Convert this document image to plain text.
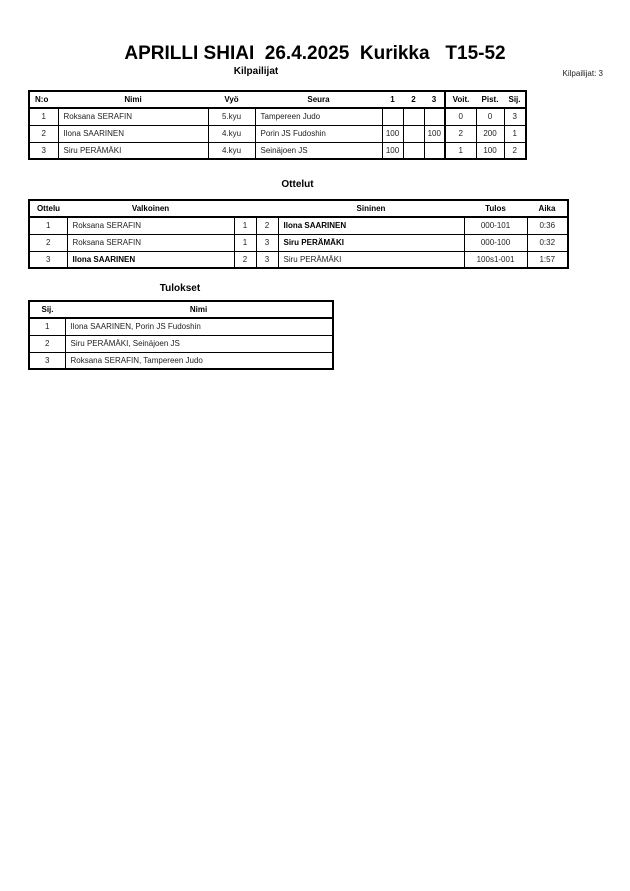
APRILLI SHIAI  26.4.2025  Kurikka   T15-52
Kilpailijat	Kilpailijat: 3
N:o	Nimi	Vyö	Seura	1	2	3	Voit.	Pist.	Sij.
1	Roksana SERAFIN	5.kyu	Tampereen Judo				0	0	3
2	Ilona SAARINEN	4.kyu	Porin JS Fudoshin	100		100	2	200	1
3	Siru PERÄMÄKI	4.kyu	Seinäjoen JS	100			1	100	2
Ottelut
Ottelu	Valkoinen			Sininen	Tulos	Aika
1	Roksana SERAFIN	1	2	Ilona SAARINEN	000-101	0:36
2	Roksana SERAFIN	1	3	Siru PERÄMÄKI	000-100	0:32
3	Ilona SAARINEN	2	3	Siru PERÄMÄKI	100s1-001	1:57
Tulokset
Sij.	Nimi
1	Ilona SAARINEN, Porin JS Fudoshin
2	Siru PERÄMÄKI, Seinäjoen JS
3	Roksana SERAFIN, Tampereen Judo
